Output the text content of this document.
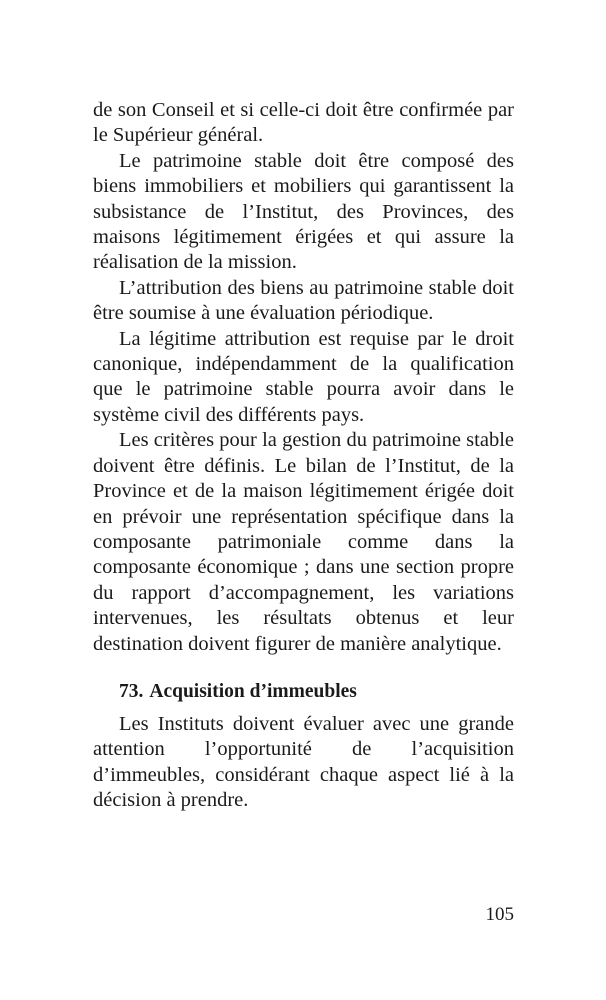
de son Conseil et si celle-ci doit être confirmée par le Supérieur général.

Le patrimoine stable doit être composé des biens immobiliers et mobiliers qui garantissent la subsistance de l’Institut, des Provinces, des maisons légitimement érigées et qui assure la réalisation de la mission.

L’attribution des biens au patrimoine stable doit être soumise à une évaluation périodique.

La légitime attribution est requise par le droit canonique, indépendamment de la qualification que le patrimoine stable pourra avoir dans le système civil des différents pays.

Les critères pour la gestion du patrimoine stable doivent être définis. Le bilan de l’Institut, de la Province et de la maison légitimement érigée doit en prévoir une représentation spécifique dans la composante patrimoniale comme dans la composante économique ; dans une section propre du rapport d’accompagnement, les variations intervenues, les résultats obtenus et leur destination doivent figurer de manière analytique.

73. Acquisition d’immeubles

Les Instituts doivent évaluer avec une grande attention l’opportunité de l’acquisition d’immeubles, considérant chaque aspect lié à la décision à prendre.

105
